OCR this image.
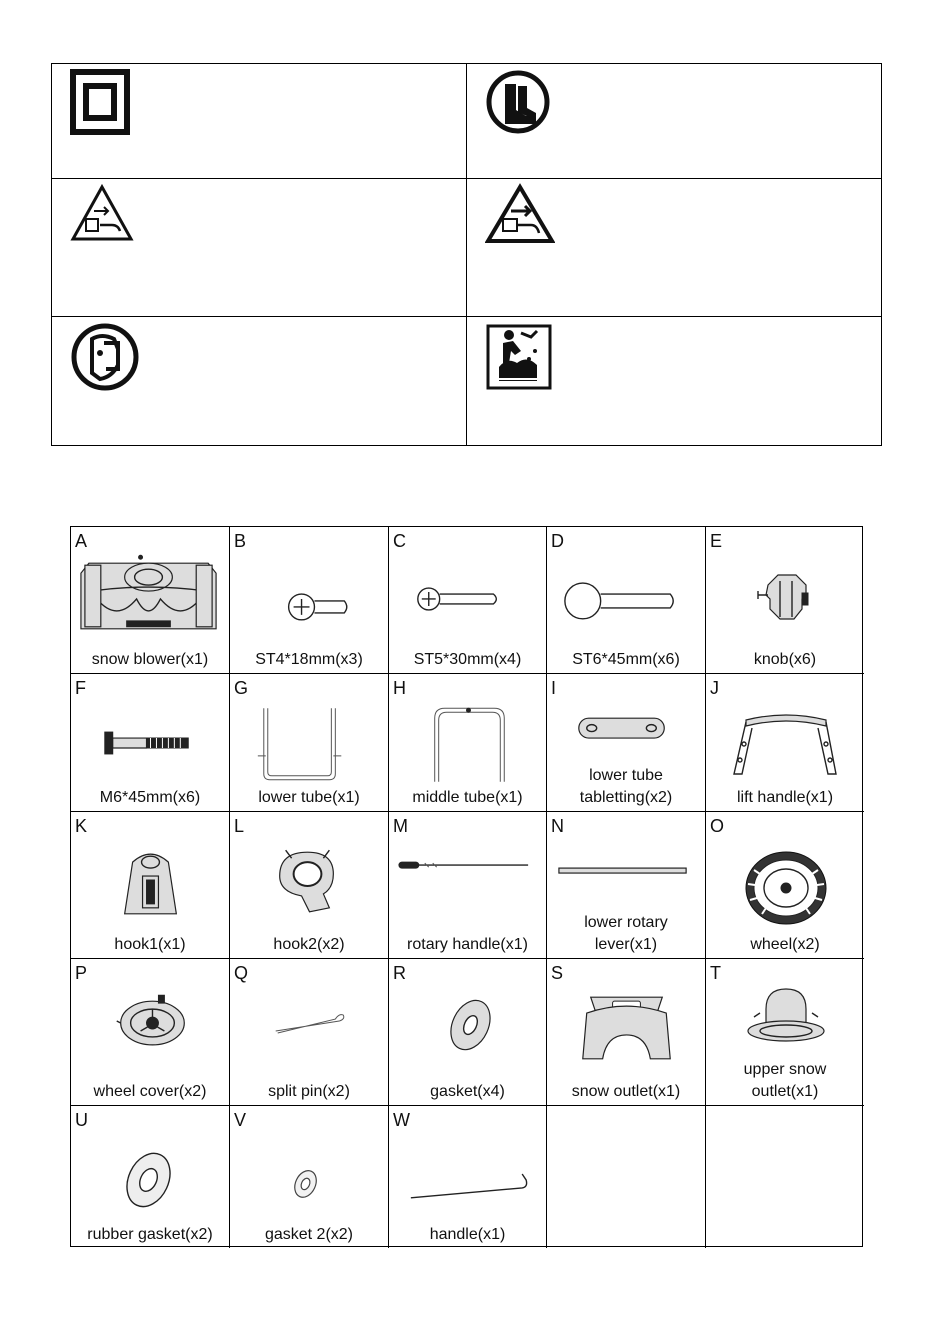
A
snow blower(x1)
B
ST4*18mm(x3)
C
ST5*30mm(x4)
D
ST6*45mm(x6)
E
knob(x6)
F
M6*45mm(x6)
G
lower tube(x1)
H
middle tube(x1)
I
lower tube
tabletting(x2)
J
lift handle(x1)
K
hook1(x1)
L
hook2(x2)
M
rotary handle(x1)
N
lower rotary
lever(x1)
O
wheel(x2)
P
wheel cover(x2)
Q
split pin(x2)
R
gasket(x4)
S
snow outlet(x1)
T
upper snow
outlet(x1)
U
rubber gasket(x2)
V
gasket 2(x2)
W
handle(x1)
